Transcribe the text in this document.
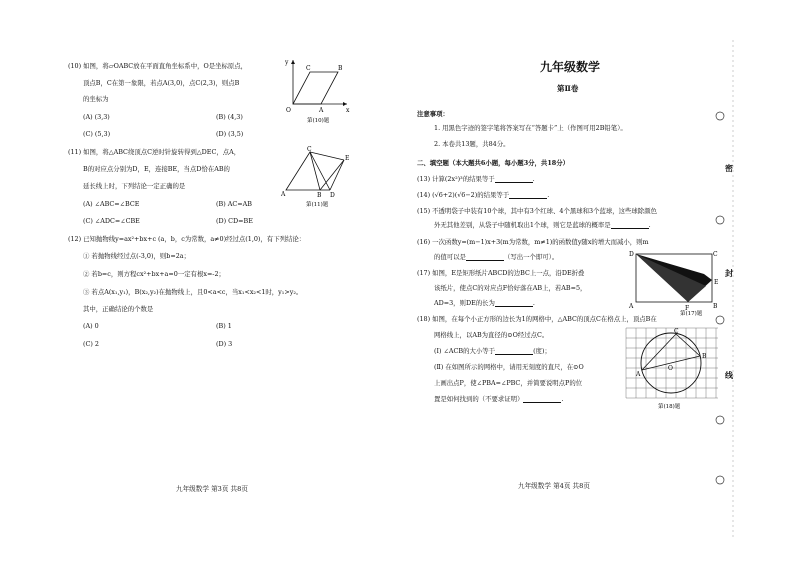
(10) 如图，将▱OABC放在平面直角坐标系中，O是坐标原点，
顶点B，C在第一象限，若点A(3,0)，点C(2,3)，则点B
的坐标为
(A) (3,3)	(B) (4,3)
(C) (5,3)	(D) (3,5)
y
x
O	A
B
C
第(10)题
(11) 如图，将△ABC绕顶点C逆时针旋转得到△DEC，点A，
B的对应点分别为D，E，连接BE，当点D恰在AB的
延长线上时，下列结论一定正确的是
(A) ∠ABC=∠BCE	(B) AC=AB
(C) ∠ADC=∠CBE	(D) CD=BE
C
E
A	B D
第(11)题
(12) 已知抛物线y=ax²+bx+c (a，b，c为常数，a≠0)经过点(1,0)，有下列结论：
① 若抛物线经过点(-3,0)，则b=2a；
② 若b=c，则方程cx²+bx+a=0一定有根x=-2；
③ 若点A(x₁,y₁)，B(x₂,y₂)在抛物线上，且0<a<c，当x₁<x₂<1时，y₁>y₂。
其中，正确结论的个数是
(A) 0	(B) 1
(C) 2	(D) 3
九年级数学 第3页 共8页
九年级数学
第Ⅱ卷
注意事项：
1. 用黑色字迹的签字笔将答案写在“答题卡”上（作图可用2B铅笔）。
2. 本卷共13题，共84分。
二、填空题（本大题共6小题，每小题3分，共18分）
(13) 计算(2x²)³的结果等于	.
(14) (√6+2)(√6−2)的结果等于	.
(15) 不透明袋子中装有10个球，其中有3个红球、4个黑球和3个蓝球，这些球除颜色
外无其他差别，从袋子中随机取出1个球，则它是蓝球的概率是	.
(16) 一次函数y=(m−1)x+3(m为常数，m≠1)的函数值y随x的增大而减小，则m
的值可以是	（写出一个即可）。
(17) 如图，E是矩形纸片ABCD的边BC上一点，沿DE折叠
该纸片，使点C的对应点F恰好落在AB上，若AB=5，
AD=3，则DE的长为	.
D	C
E
A	F	B
第(17)题
(18) 如图，在每个小正方形的边长为1的网格中，△ABC的顶点C在格点上，顶点B在
网格线上，以AB为直径的⊙O经过点C。
(Ⅰ) ∠ACB的大小等于	(度)；
(Ⅱ) 在如图所示的网格中，请用无刻度的直尺，在⊙O
上画出点P，使∠PBA=∠PBC，并简要说明点P的位
置是如何找到的（不要求证明）	.
C
A
B
O
第(18)题
九年级数学 第4页 共8页
密
封
线
